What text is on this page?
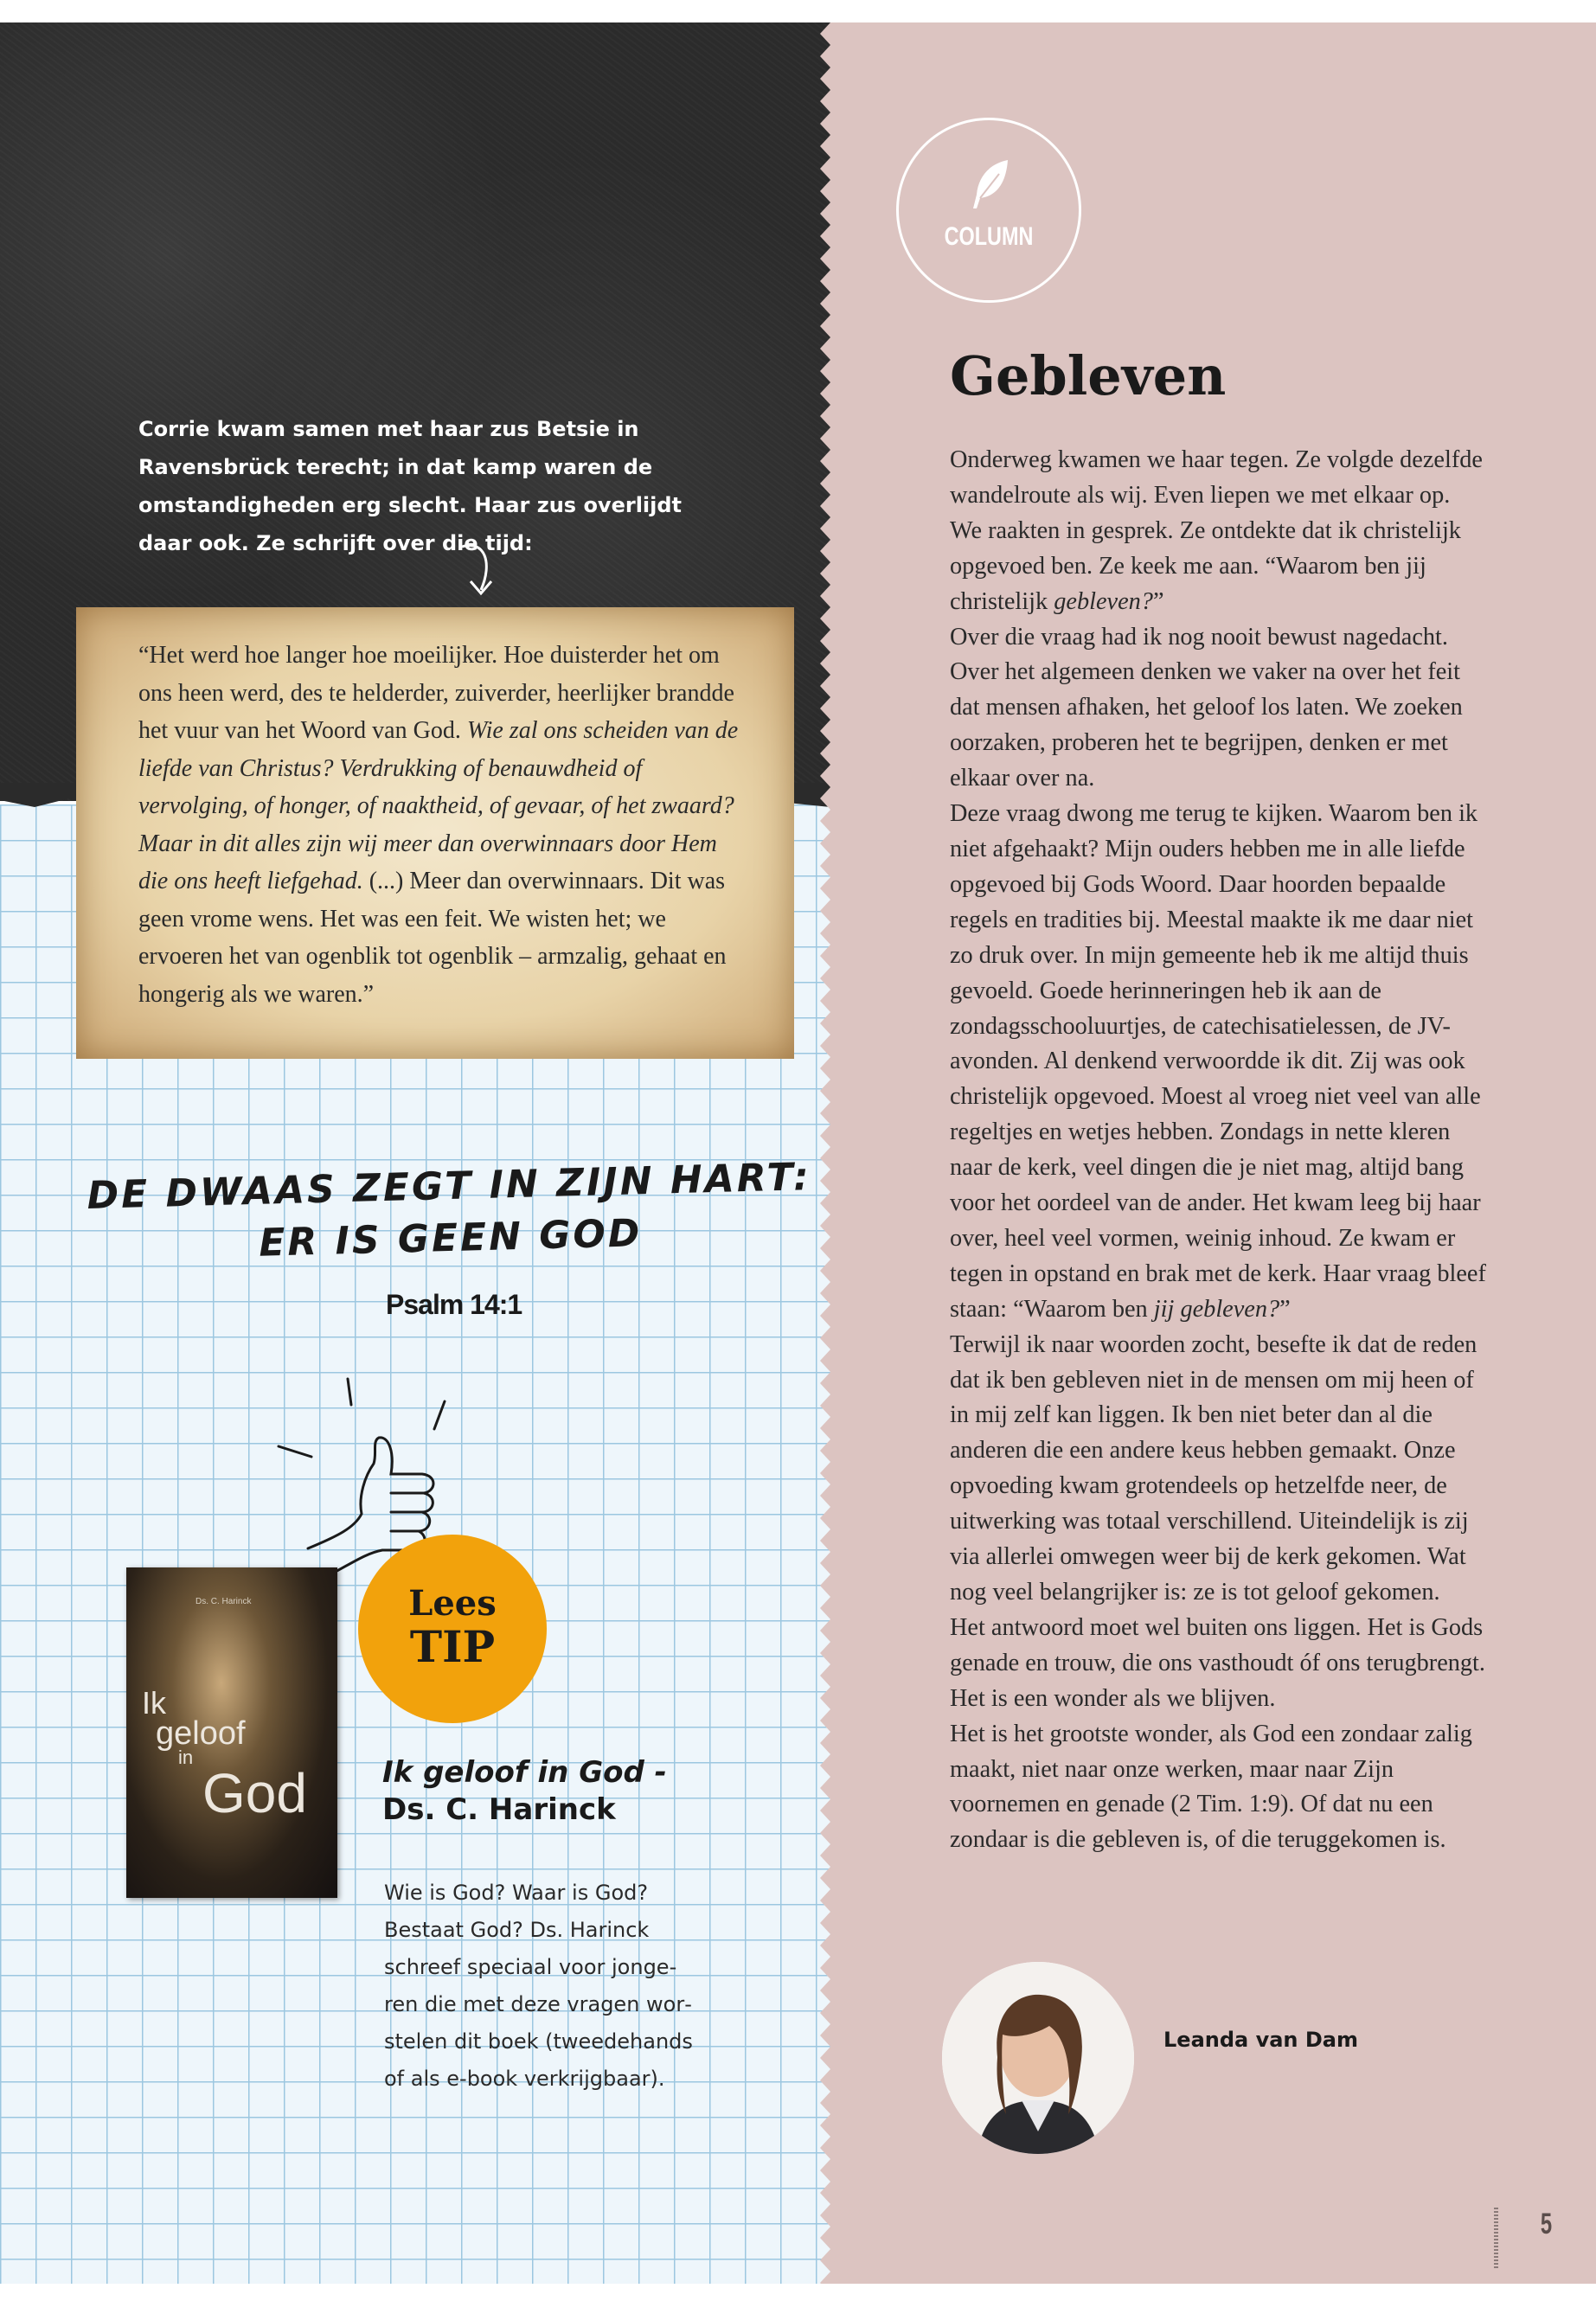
Corrie kwam samen met haar zus Betsie in Ravensbrück terecht; in dat kamp waren de omstandigheden erg slecht. Haar zus overlijdt daar ook. Ze schrijft over die tijd:
“Het werd hoe langer hoe moeilijker. Hoe duisterder het om ons heen werd, des te helderder, zuiverder, heerlijker brandde het vuur van het Woord van God. Wie zal ons scheiden van de liefde van Christus? Verdrukking of benauwdheid of vervolging, of honger, of naaktheid, of gevaar, of het zwaard? Maar in dit alles zijn wij meer dan overwinnaars door Hem die ons heeft liefgehad. (...) Meer dan overwinnaars. Dit was geen vrome wens. Het was een feit. We wisten het; we ervoeren het van ogenblik tot ogenblik – armzalig, gehaat en hongerig als we waren.”
DE DWAAS ZEGT IN ZIJN HART:
ER IS GEEN GOD
Psalm 14:1
Ds. C. Harinck
Ik
geloof
in
God
Lees
TIP
Ik geloof in God -
Ds. C. Harinck
Wie is God? Waar is God? Bestaat God? Ds. Harinck schreef speciaal voor jongeren die met deze vragen worstelen dit boek (tweedehands of als e-book verkrijgbaar).
COLUMN
Gebleven

Onderweg kwamen we haar tegen. Ze volgde dezelfde wandelroute als wij. Even liepen we met elkaar op. We raakten in gesprek. Ze ontdekte dat ik christelijk opgevoed ben. Ze keek me aan. “Waarom ben jij christelijk gebleven?”

Over die vraag had ik nog nooit bewust nagedacht. Over het algemeen denken we vaker na over het feit dat mensen afhaken, het geloof los laten. We zoeken oorzaken, proberen het te begrijpen, denken er met elkaar over na.

Deze vraag dwong me terug te kijken. Waarom ben ik niet afgehaakt? Mijn ouders hebben me in alle liefde opgevoed bij Gods Woord. Daar hoorden bepaalde regels en tradities bij. Meestal maakte ik me daar niet zo druk over. In mijn gemeente heb ik me altijd thuis gevoeld. Goede herinneringen heb ik aan de zondagsschooluurtjes, de catechisatielessen, de JV-avonden. Al denkend verwoordde ik dit. Zij was ook christelijk opgevoed. Moest al vroeg niet veel van alle regeltjes en wetjes hebben. Zondags in nette kleren naar de kerk, veel dingen die je niet mag, altijd bang voor het oordeel van de ander. Het kwam leeg bij haar over, heel veel vormen, weinig inhoud. Ze kwam er tegen in opstand en brak met de kerk. Haar vraag bleef staan: “Waarom ben jij gebleven?”

Terwijl ik naar woorden zocht, besefte ik dat de reden dat ik ben gebleven niet in de mensen om mij heen of in mij zelf kan liggen. Ik ben niet beter dan al die anderen die een andere keus hebben gemaakt. Onze opvoeding kwam grotendeels op hetzelfde neer, de uitwerking was totaal verschillend. Uiteindelijk is zij via allerlei omwegen weer bij de kerk gekomen. Wat nog veel belangrijker is: ze is tot geloof gekomen.

Het antwoord moet wel buiten ons liggen. Het is Gods genade en trouw, die ons vasthoudt óf ons terugbrengt. Het is een wonder als we blijven.

Het is het grootste wonder, als God een zondaar zalig maakt, niet naar onze werken, maar naar Zijn voornemen en genade (2 Tim. 1:9). Of dat nu een zondaar is die gebleven is, of die teruggekomen is.

Leanda van Dam
5
